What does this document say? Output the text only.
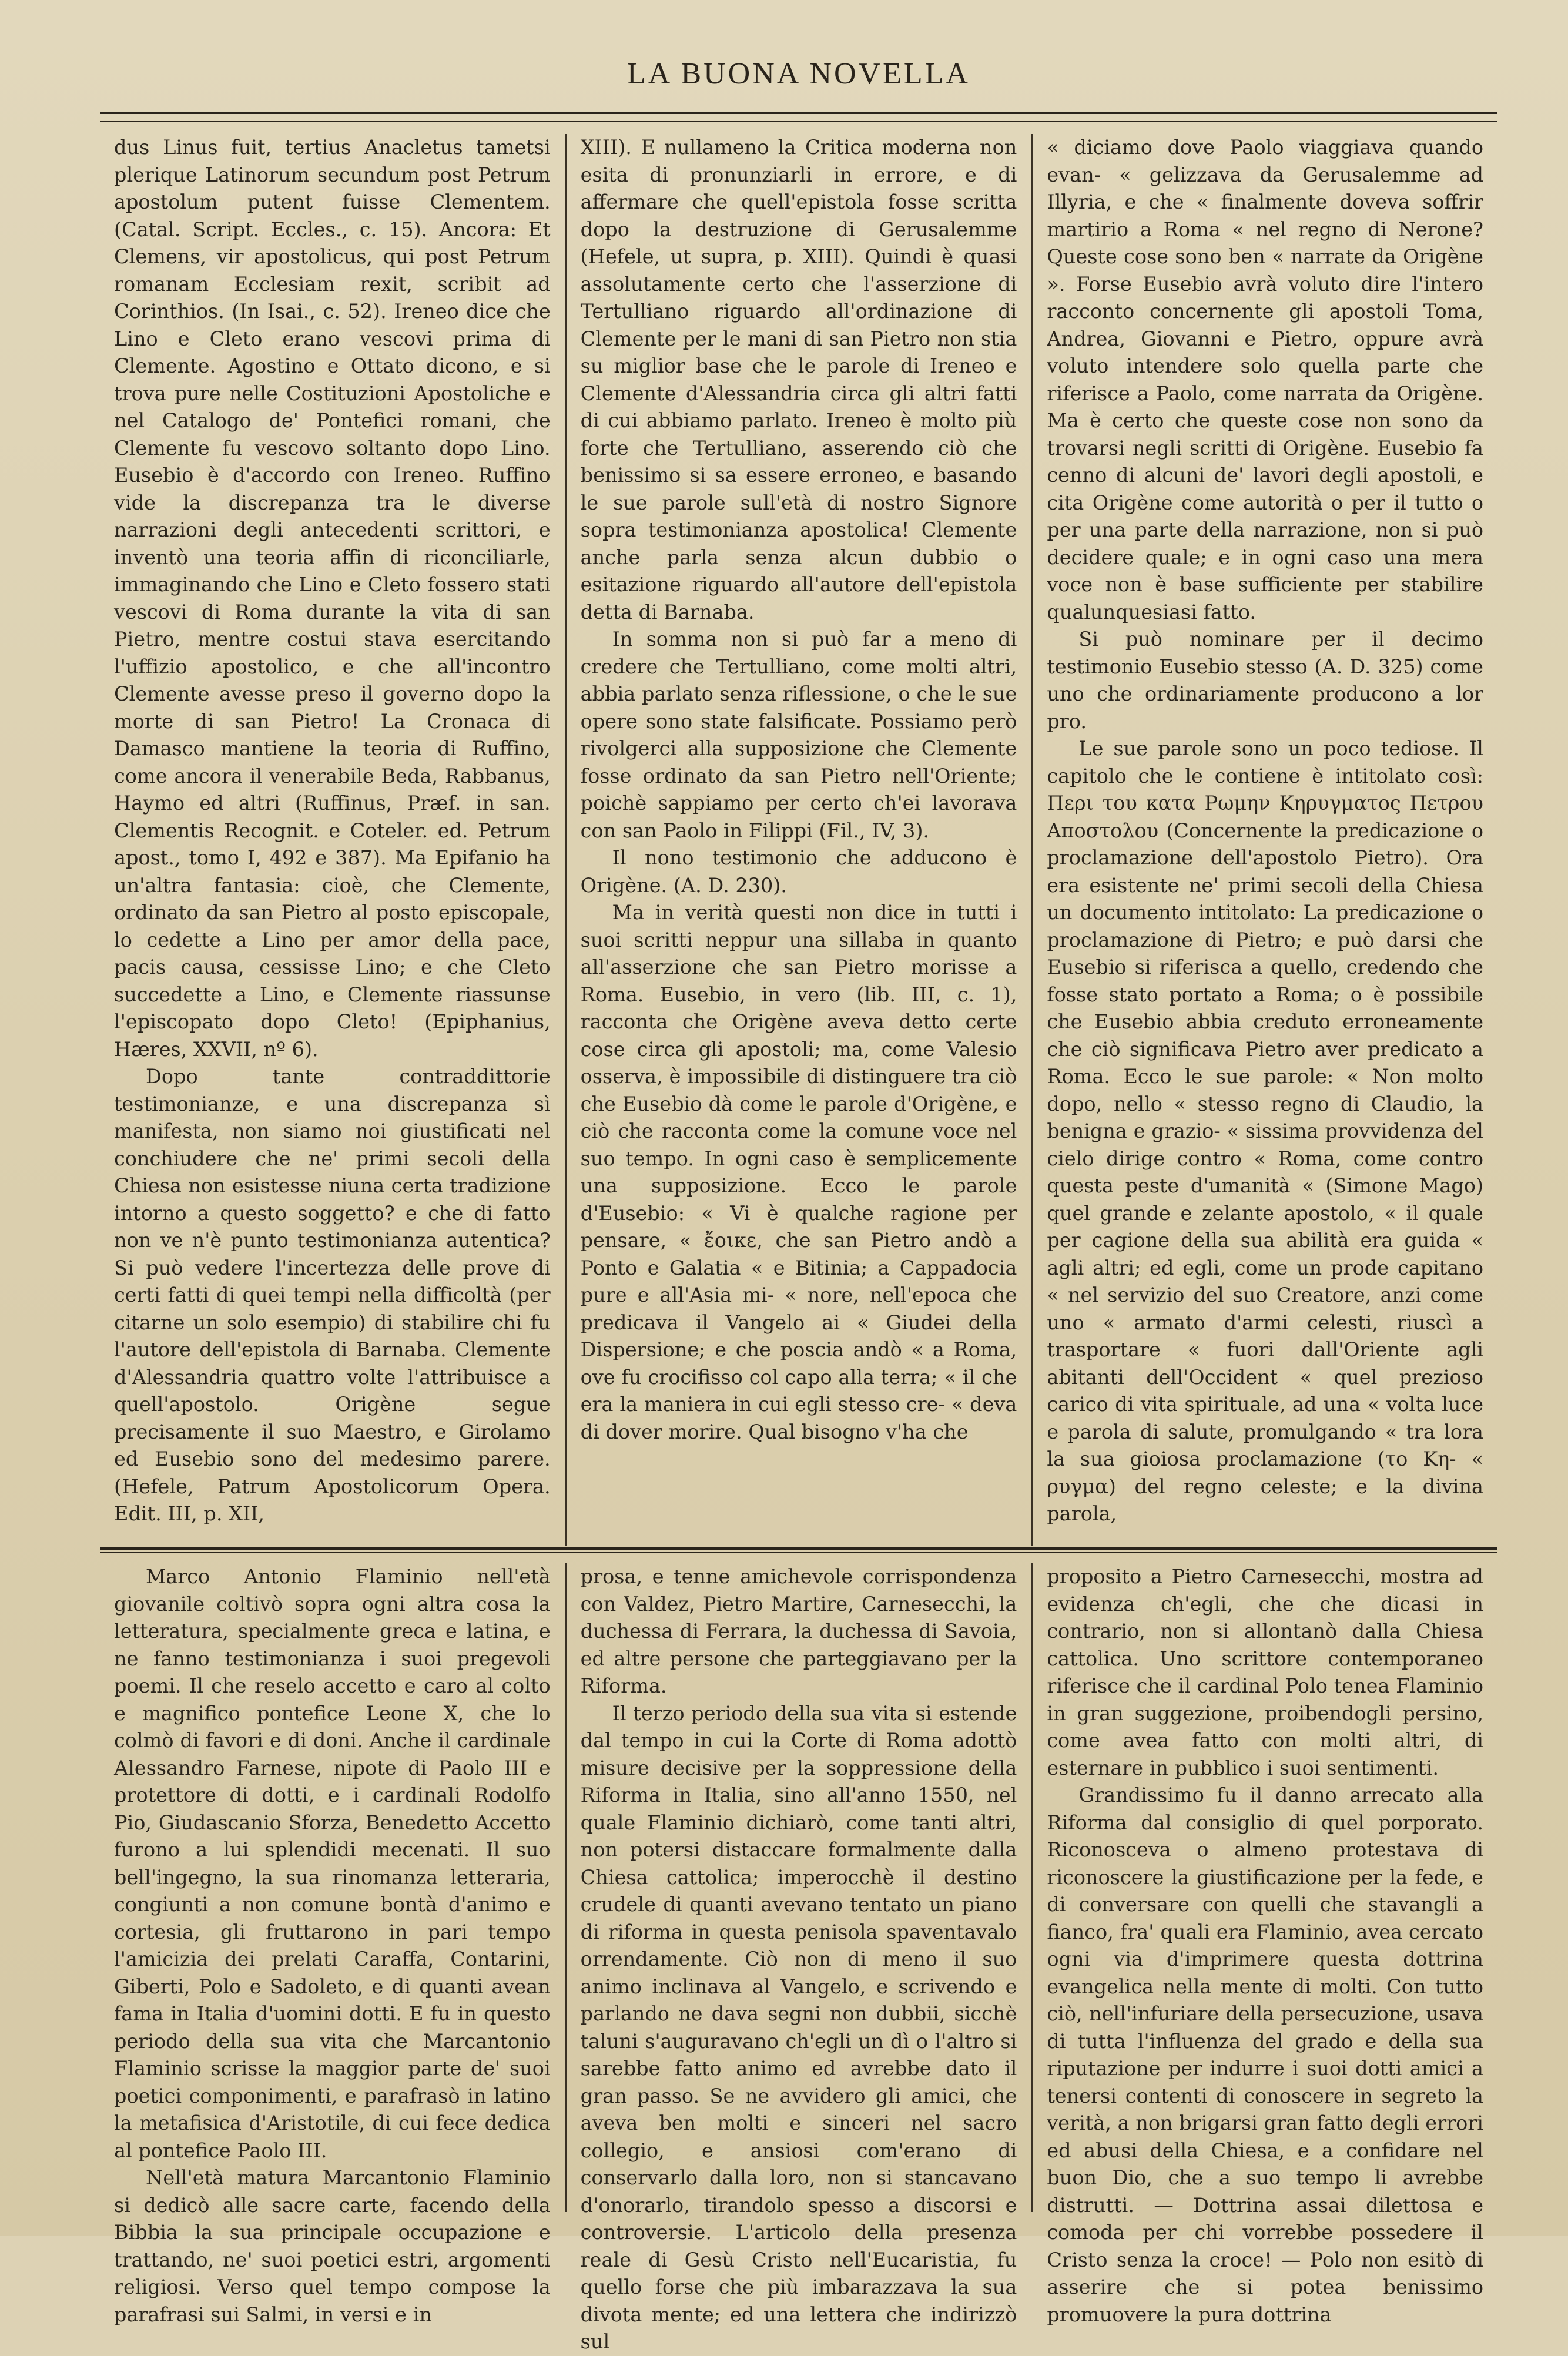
LA BUONA NOVELLA

dus Linus fuit, tertius Anacletus tametsi plerique Latinorum secundum post Petrum apostolum putent fuisse Clementem. (Catal. Script. Eccles., c. 15). Ancora: Et Clemens, vir apostolicus, qui post Petrum romanam Ecclesiam rexit, scribit ad Corinthios. (In Isai., c. 52). Ireneo dice che Lino e Cleto erano vescovi prima di Clemente. Agostino e Ottato dicono, e si trova pure nelle Costituzioni Apostoliche e nel Catalogo de' Pontefici romani, che Clemente fu vescovo soltanto dopo Lino. Eusebio è d'accordo con Ireneo. Ruffino vide la discrepanza tra le diverse narrazioni degli antecedenti scrittori, e inventò una teoria affin di riconciliarle, immaginando che Lino e Cleto fossero stati vescovi di Roma durante la vita di san Pietro, mentre costui stava esercitando l'uffizio apostolico, e che all'incontro Clemente avesse preso il governo dopo la morte di san Pietro! La Cronaca di Damasco mantiene la teoria di Ruffino, come ancora il venerabile Beda, Rabbanus, Haymo ed altri (Ruffinus, Præf. in san. Clementis Recognit. e Coteler. ed. Petrum apost., tomo I, 492 e 387). Ma Epifanio ha un'altra fantasia: cioè, che Clemente, ordinato da san Pietro al posto episcopale, lo cedette a Lino per amor della pace, pacis causa, cessisse Lino; e che Cleto succedette a Lino, e Clemente riassunse l'episcopato dopo Cleto! (Epiphanius, Hæres, XXVII, nº 6).

Dopo tante contraddittorie testimonianze, e una discrepanza sì manifesta, non siamo noi giustificati nel conchiudere che ne' primi secoli della Chiesa non esistesse niuna certa tradizione intorno a questo soggetto? e che di fatto non ve n'è punto testimonianza autentica? Si può vedere l'incertezza delle prove di certi fatti di quei tempi nella difficoltà (per citarne un solo esempio) di stabilire chi fu l'autore dell'epistola di Barnaba. Clemente d'Alessandria quattro volte l'attribuisce a quell'apostolo. Origène segue precisamente il suo Maestro, e Girolamo ed Eusebio sono del medesimo parere. (Hefele, Patrum Apostolicorum Opera. Edit. III, p. XII,

XIII). E nullameno la Critica moderna non esita di pronunziarli in errore, e di affermare che quell'epistola fosse scritta dopo la destruzione di Gerusalemme (Hefele, ut supra, p. XIII). Quindi è quasi assolutamente certo che l'asserzione di Tertulliano riguardo all'ordinazione di Clemente per le mani di san Pietro non stia su miglior base che le parole di Ireneo e Clemente d'Alessandria circa gli altri fatti di cui abbiamo parlato. Ireneo è molto più forte che Tertulliano, asserendo ciò che benissimo si sa essere erroneo, e basando le sue parole sull'età di nostro Signore sopra testimonianza apostolica! Clemente anche parla senza alcun dubbio o esitazione riguardo all'autore dell'epistola detta di Barnaba.

In somma non si può far a meno di credere che Tertulliano, come molti altri, abbia parlato senza riflessione, o che le sue opere sono state falsificate. Possiamo però rivolgerci alla supposizione che Clemente fosse ordinato da san Pietro nell'Oriente; poichè sappiamo per certo ch'ei lavorava con san Paolo in Filippi (Fil., IV, 3).

Il nono testimonio che adducono è Origène. (A. D. 230).

Ma in verità questi non dice in tutti i suoi scritti neppur una sillaba in quanto all'asserzione che san Pietro morisse a Roma. Eusebio, in vero (lib. III, c. 1), racconta che Origène aveva detto certe cose circa gli apostoli; ma, come Valesio osserva, è impossibile di distinguere tra ciò che Eusebio dà come le parole d'Origène, e ciò che racconta come la comune voce nel suo tempo. In ogni caso è semplicemente una supposizione. Ecco le parole d'Eusebio: « Vi è qualche ragione per pensare, « ἔοικε, che san Pietro andò a Ponto e Galatia « e Bitinia; a Cappadocia pure e all'Asia mi- « nore, nell'epoca che predicava il Vangelo ai « Giudei della Dispersione; e che poscia andò « a Roma, ove fu crocifisso col capo alla terra; « il che era la maniera in cui egli stesso cre- « deva di dover morire. Qual bisogno v'ha che

« diciamo dove Paolo viaggiava quando evan- « gelizzava da Gerusalemme ad Illyria, e che « finalmente doveva soffrir martirio a Roma « nel regno di Nerone? Queste cose sono ben « narrate da Origène ». Forse Eusebio avrà voluto dire l'intero racconto concernente gli apostoli Toma, Andrea, Giovanni e Pietro, oppure avrà voluto intendere solo quella parte che riferisce a Paolo, come narrata da Origène. Ma è certo che queste cose non sono da trovarsi negli scritti di Origène. Eusebio fa cenno di alcuni de' lavori degli apostoli, e cita Origène come autorità o per il tutto o per una parte della narrazione, non si può decidere quale; e in ogni caso una mera voce non è base sufficiente per stabilire qualunquesiasi fatto.

Si può nominare per il decimo testimonio Eusebio stesso (A. D. 325) come uno che ordinariamente producono a lor pro.

Le sue parole sono un poco tediose. Il capitolo che le contiene è intitolato così: Περι του κατα Ρωμην Κηρυγματος Πετρου Αποστολου (Concernente la predicazione o proclamazione dell'apostolo Pietro). Ora era esistente ne' primi secoli della Chiesa un documento intitolato: La predicazione o proclamazione di Pietro; e può darsi che Eusebio si riferisca a quello, credendo che fosse stato portato a Roma; o è possibile che Eusebio abbia creduto erroneamente che ciò significava Pietro aver predicato a Roma. Ecco le sue parole: « Non molto dopo, nello « stesso regno di Claudio, la benigna e grazio- « sissima provvidenza del cielo dirige contro « Roma, come contro questa peste d'umanità « (Simone Mago) quel grande e zelante apostolo, « il quale per cagione della sua abilità era guida « agli altri; ed egli, come un prode capitano « nel servizio del suo Creatore, anzi come uno « armato d'armi celesti, riuscì a trasportare « fuori dall'Oriente agli abitanti dell'Occident « quel prezioso carico di vita spirituale, ad una « volta luce e parola di salute, promulgando « tra lora la sua gioiosa proclamazione (το Κη- « ρυγμα) del regno celeste; e la divina parola,

Marco Antonio Flaminio nell'età giovanile coltivò sopra ogni altra cosa la letteratura, specialmente greca e latina, e ne fanno testimonianza i suoi pregevoli poemi. Il che reselo accetto e caro al colto e magnifico pontefice Leone X, che lo colmò di favori e di doni. Anche il cardinale Alessandro Farnese, nipote di Paolo III e protettore di dotti, e i cardinali Rodolfo Pio, Giudascanio Sforza, Benedetto Accetto furono a lui splendidi mecenati. Il suo bell'ingegno, la sua rinomanza letteraria, congiunti a non comune bontà d'animo e cortesia, gli fruttarono in pari tempo l'amicizia dei prelati Caraffa, Contarini, Giberti, Polo e Sadoleto, e di quanti avean fama in Italia d'uomini dotti. E fu in questo periodo della sua vita che Marcantonio Flaminio scrisse la maggior parte de' suoi poetici componimenti, e parafrasò in latino la metafisica d'Aristotile, di cui fece dedica al pontefice Paolo III.

Nell'età matura Marcantonio Flaminio si dedicò alle sacre carte, facendo della Bibbia la sua principale occupazione e trattando, ne' suoi poetici estri, argomenti religiosi. Verso quel tempo compose la parafrasi sui Salmi, in versi e in

prosa, e tenne amichevole corrispondenza con Valdez, Pietro Martire, Carnesecchi, la duchessa di Ferrara, la duchessa di Savoia, ed altre persone che parteggiavano per la Riforma.

Il terzo periodo della sua vita si estende dal tempo in cui la Corte di Roma adottò misure decisive per la soppressione della Riforma in Italia, sino all'anno 1550, nel quale Flaminio dichiarò, come tanti altri, non potersi distaccare formalmente dalla Chiesa cattolica; imperocchè il destino crudele di quanti avevano tentato un piano di riforma in questa penisola spaventavalo orrendamente. Ciò non di meno il suo animo inclinava al Vangelo, e scrivendo e parlando ne dava segni non dubbii, sicchè taluni s'auguravano ch'egli un dì o l'altro si sarebbe fatto animo ed avrebbe dato il gran passo. Se ne avvidero gli amici, che aveva ben molti e sinceri nel sacro collegio, e ansiosi com'erano di conservarlo dalla loro, non si stancavano d'onorarlo, tirandolo spesso a discorsi e controversie. L'articolo della presenza reale di Gesù Cristo nell'Eucaristia, fu quello forse che più imbarazzava la sua divota mente; ed una lettera che indirizzò sul

proposito a Pietro Carnesecchi, mostra ad evidenza ch'egli, che che dicasi in contrario, non si allontanò dalla Chiesa cattolica. Uno scrittore contemporaneo riferisce che il cardinal Polo tenea Flaminio in gran suggezione, proibendogli persino, come avea fatto con molti altri, di esternare in pubblico i suoi sentimenti.

Grandissimo fu il danno arrecato alla Riforma dal consiglio di quel porporato. Riconosceva o almeno protestava di riconoscere la giustificazione per la fede, e di conversare con quelli che stavangli a fianco, fra' quali era Flaminio, avea cercato ogni via d'imprimere questa dottrina evangelica nella mente di molti. Con tutto ciò, nell'infuriare della persecuzione, usava di tutta l'influenza del grado e della sua riputazione per indurre i suoi dotti amici a tenersi contenti di conoscere in segreto la verità, a non brigarsi gran fatto degli errori ed abusi della Chiesa, e a confidare nel buon Dio, che a suo tempo li avrebbe distrutti. — Dottrina assai dilettosa e comoda per chi vorrebbe possedere il Cristo senza la croce! — Polo non esitò di asserire che si potea benissimo promuovere la pura dottrina
